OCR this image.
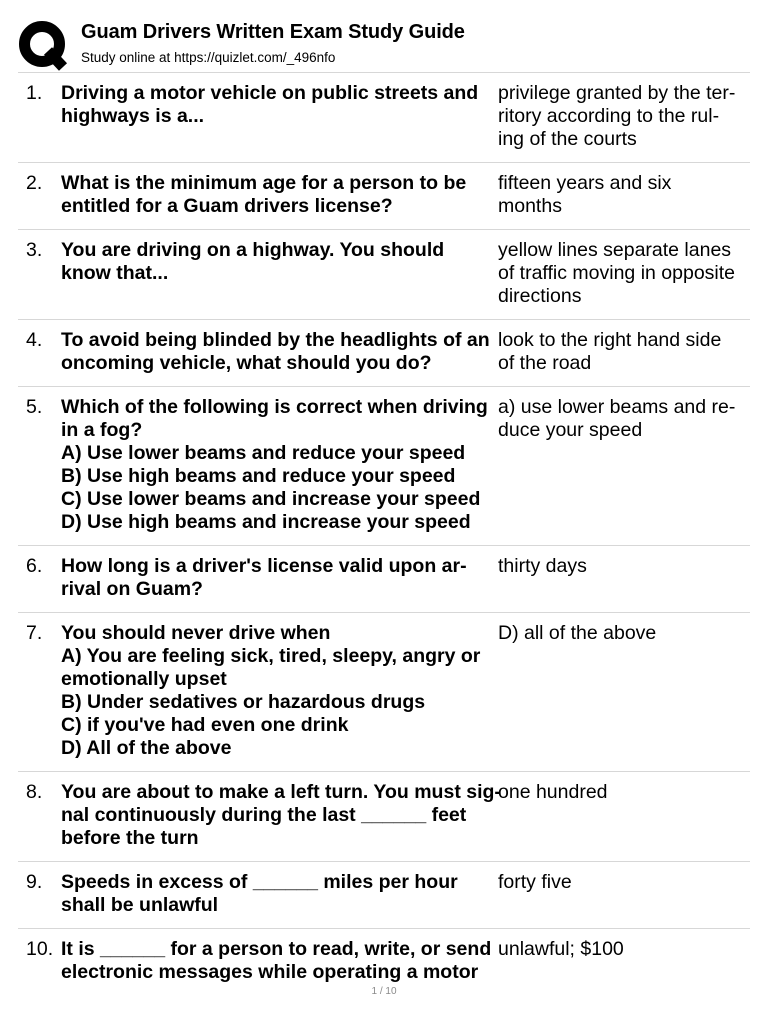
Guam Drivers Written Exam Study Guide
Study online at https://quizlet.com/_496nfo
1. Driving a motor vehicle on public streets and
highways is a...
privilege granted by the ter-
ritory according to the rul-
ing of the courts
2. What is the minimum age for a person to be
entitled for a Guam drivers license?
fifteen years and six
months
3. You are driving on a highway. You should
know that...
yellow lines separate lanes
of traffic moving in opposite
directions
4. To avoid being blinded by the headlights of an
oncoming vehicle, what should you do?
look to the right hand side
of the road
5. Which of the following is correct when driving
in a fog?
A) Use lower beams and reduce your speed
B) Use high beams and reduce your speed
C) Use lower beams and increase your speed
D) Use high beams and increase your speed
a) use lower beams and re-
duce your speed
6. How long is a driver's license valid upon ar-
rival on Guam?
thirty days
7. You should never drive when
A) You are feeling sick, tired, sleepy, angry or
emotionally upset
B) Under sedatives or hazardous drugs
C) if you've had even one drink
D) All of the above
D) all of the above
8. You are about to make a left turn. You must sig-
nal continuously during the last ______ feet
before the turn
one hundred
9. Speeds in excess of ______ miles per hour
shall be unlawful
forty five
10. It is ______ for a person to read, write, or send
electronic messages while operating a motor
unlawful; $100
1 / 10
